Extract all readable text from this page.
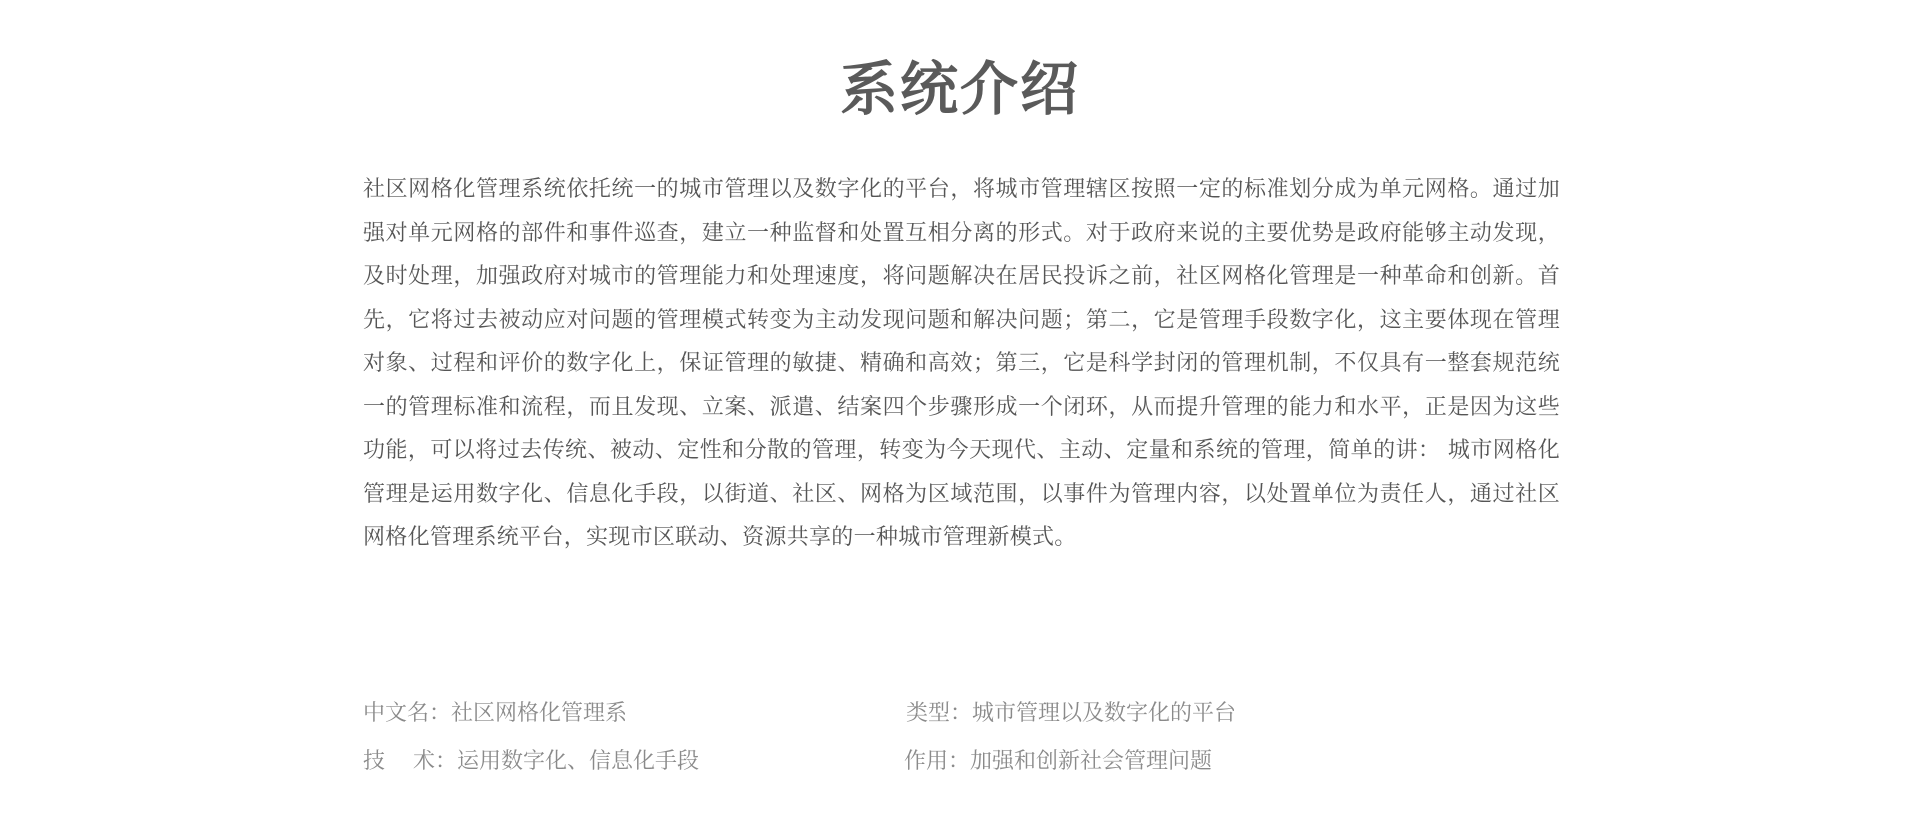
系统介绍

社区网格化管理系统依托统一的城市管理以及数字化的平台，将城市管理辖区按照一定的标准划分成为单元网格。通过加强对单元网格的部件和事件巡查，建立一种监督和处置互相分离的形式。对于政府来说的主要优势是政府能够主动发现，及时处理，加强政府对城市的管理能力和处理速度，将问题解决在居民投诉之前，社区网格化管理是一种革命和创新。首先，它将过去被动应对问题的管理模式转变为主动发现问题和解决问题；第二，它是管理手段数字化，这主要体现在管理对象、过程和评价的数字化上，保证管理的敏捷、精确和高效；第三，它是科学封闭的管理机制，不仅具有一整套规范统一的管理标准和流程，而且发现、立案、派遣、结案四个步骤形成一个闭环，从而提升管理的能力和水平，正是因为这些功能，可以将过去传统、被动、定性和分散的管理，转变为今天现代、主动、定量和系统的管理，简单的讲： 城市网格化管理是运用数字化、信息化手段，以街道、社区、网格为区域范围，以事件为管理内容，以处置单位为责任人，通过社区网格化管理系统平台，实现市区联动、资源共享的一种城市管理新模式。

中文名：社区网格化管理系	类型：城市管理以及数字化的平台
技    术：运用数字化、信息化手段	作用：加强和创新社会管理问题
